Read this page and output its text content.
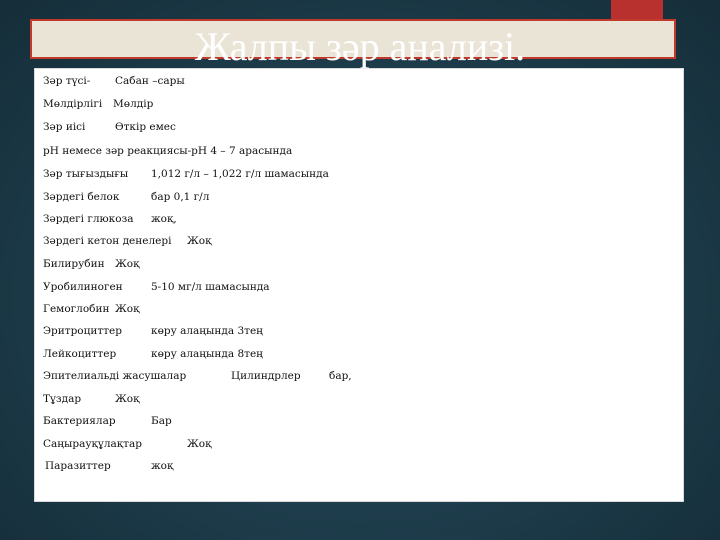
Жалпы зәр анализі.
Зәр түсі- Сабан –сары
Мөлдірлігі Мөлдір
Зәр иісі	Өткір емес
pH немесе зәр реакциясы-pH 4 – 7 арасында
Зәр тығыздығы 1,012 г/л – 1,022 г/л шамасында
Зәрдегі белок	бар 0,1 г/л
Зәрдегі глюкоза жоқ,
Зәрдегі кетон денелері Жоқ
Билирубин Жоқ
Уробилиноген	5-10 мг/л шамасында
Гемоглобин Жоқ
Эритроциттер	көру алаңында 3тең
Лейкоциттер	көру алаңында 8тең
Эпителиальді жасушалар	Цилиндрлер	бар,
Тұздар	Жоқ
Бактериялар	Бар
Саңырауқұлақтар	Жоқ
Паразиттер	жоқ
